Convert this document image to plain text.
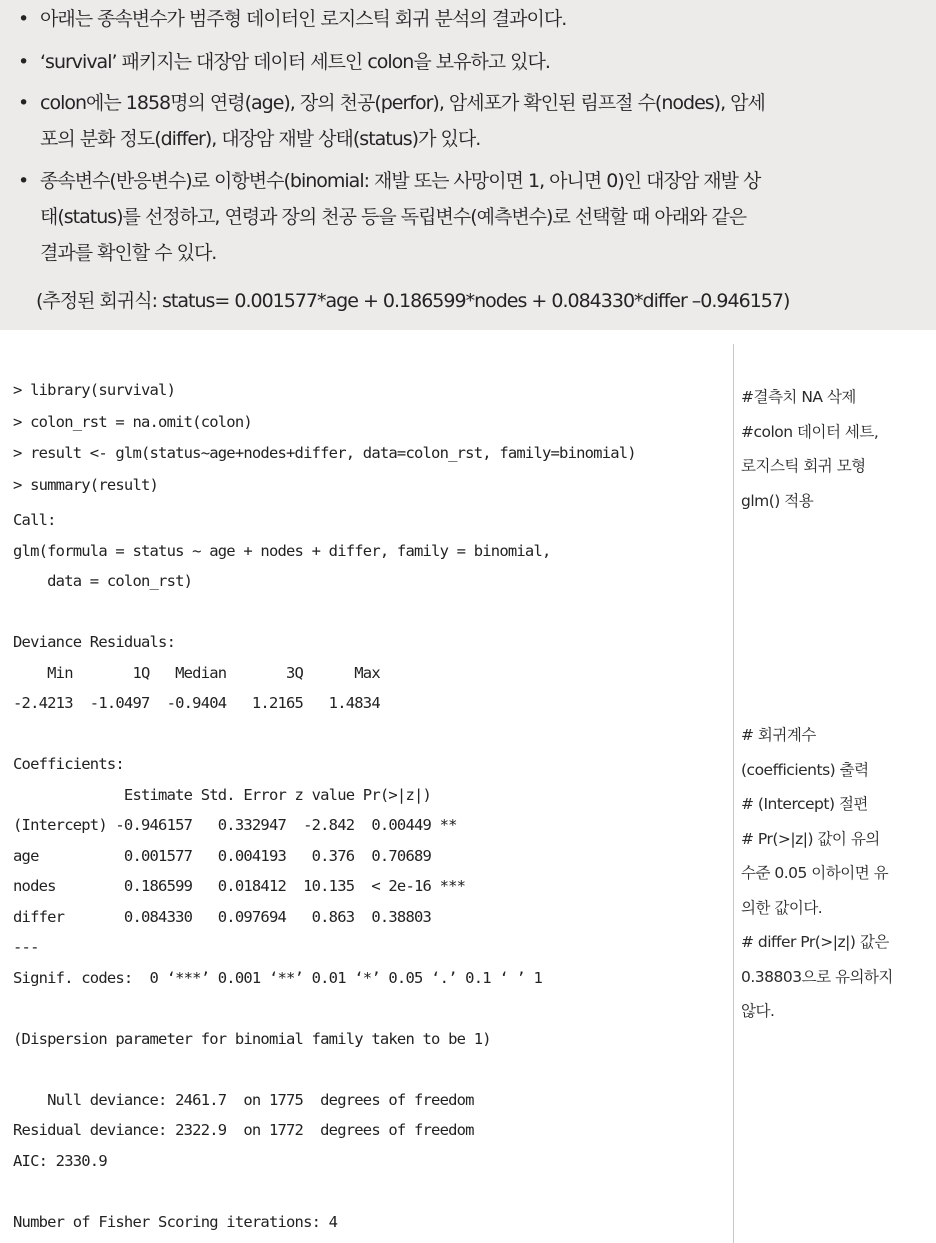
• 아래는 종속변수가 범주형 데이터인 로지스틱 회귀 분석의 결과이다.
• ‘survival’ 패키지는 대장암 데이터 세트인 colon을 보유하고 있다.
• colon에는 1858명의 연령(age), 장의 천공(perfor), 암세포가 확인된 림프절 수(nodes), 암세
포의 분화 정도(differ), 대장암 재발 상태(status)가 있다.
• 종속변수(반응변수)로 이항변수(binomial: 재발 또는 사망이면 1, 아니면 0)인 대장암 재발 상
태(status)를 선정하고, 연령과 장의 천공 등을 독립변수(예측변수)로 선택할 때 아래와 같은
결과를 확인할 수 있다.
(추정된 회귀식: status= 0.001577*age + 0.186599*nodes + 0.084330*differ –0.946157)
> library(survival)
> colon_rst = na.omit(colon)
> result <- glm(status~age+nodes+differ, data=colon_rst, family=binomial)
> summary(result)
Call:
glm(formula = status ~ age + nodes + differ, family = binomial,
data = colon_rst)

Deviance Residuals:
Min       1Q   Median       3Q      Max
-2.4213  -1.0497  -0.9404   1.2165   1.4834

Coefficients:
Estimate Std. Error z value Pr(>|z|)
(Intercept) -0.946157   0.332947  -2.842  0.00449 **
age          0.001577   0.004193   0.376  0.70689
nodes        0.186599   0.018412  10.135  < 2e-16 ***
differ       0.084330   0.097694   0.863  0.38803
---
Signif. codes:  0 ‘***’ 0.001 ‘**’ 0.01 ‘*’ 0.05 ‘.’ 0.1 ‘ ’ 1

(Dispersion parameter for binomial family taken to be 1)

Null deviance: 2461.7  on 1775  degrees of freedom
Residual deviance: 2322.9  on 1772  degrees of freedom
AIC: 2330.9

Number of Fisher Scoring iterations: 4
#결측치 NA 삭제
#colon 데이터 세트,
로지스틱 회귀 모형
glm() 적용
# 회귀계수
(coefficients) 출력
# (Intercept) 절편
# Pr(>|z|) 값이 유의
수준 0.05 이하이면 유
의한 값이다.
# differ Pr(>|z|) 값은
0.38803으로 유의하지
않다.
